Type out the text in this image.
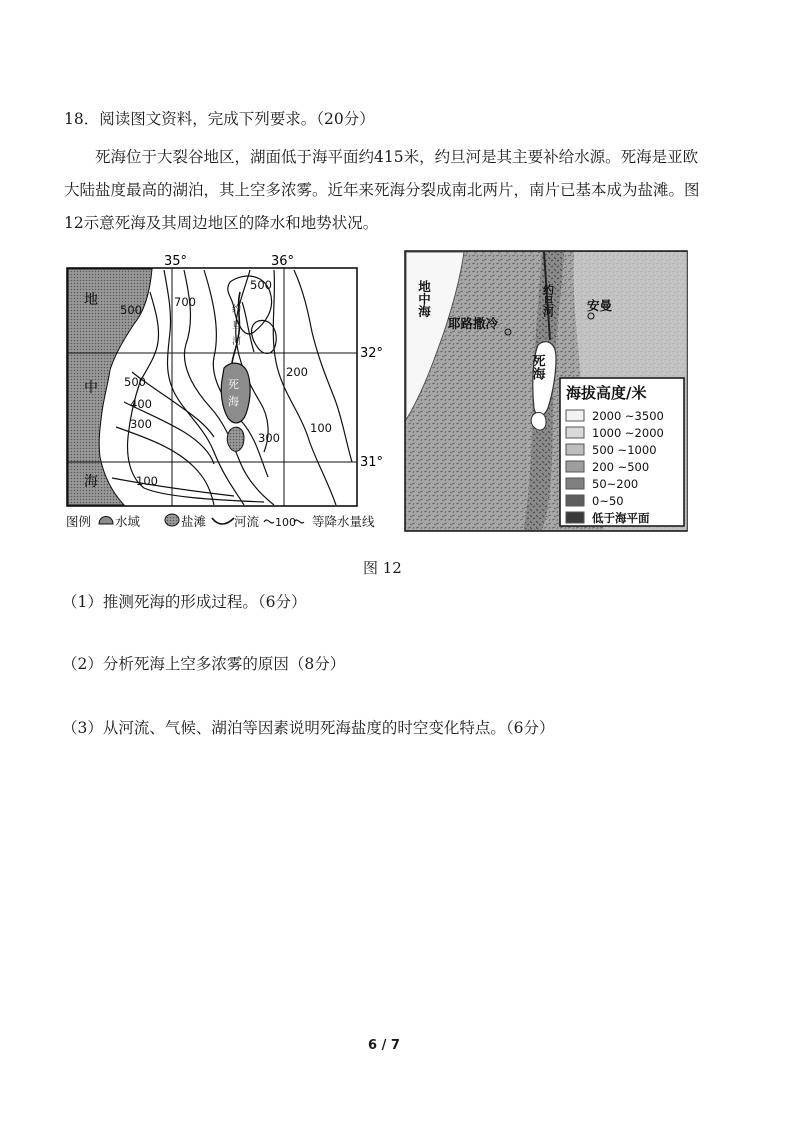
18．阅读图文资料，完成下列要求。（20分）
死海位于大裂谷地区，湖面低于海平面约415米，约旦河是其主要补给水源。死海是亚欧大陆盐度最高的湖泊，其上空多浓雾。近年来死海分裂成南北两片，南片已基本成为盐滩。图12示意死海及其周边地区的降水和地势状况。
35°	36°
32°
31°
地
中
海
700
500
500
500
400
300
300
200
100
100
约
旦
河
死
海
图例 水域	盐滩 河流 100 等降水量线
地中海	约旦河	安曼
耶路撒冷
死海
海拔高度/米
2000 ~3500
1000 ~2000
500 ~1000
200 ~500
50~200
0~50
低于海平面
图 12
（1）推测死海的形成过程。（6分）
（2）分析死海上空多浓雾的原因（8分）
（3）从河流、气候、湖泊等因素说明死海盐度的时空变化特点。（6分）
6 / 7
